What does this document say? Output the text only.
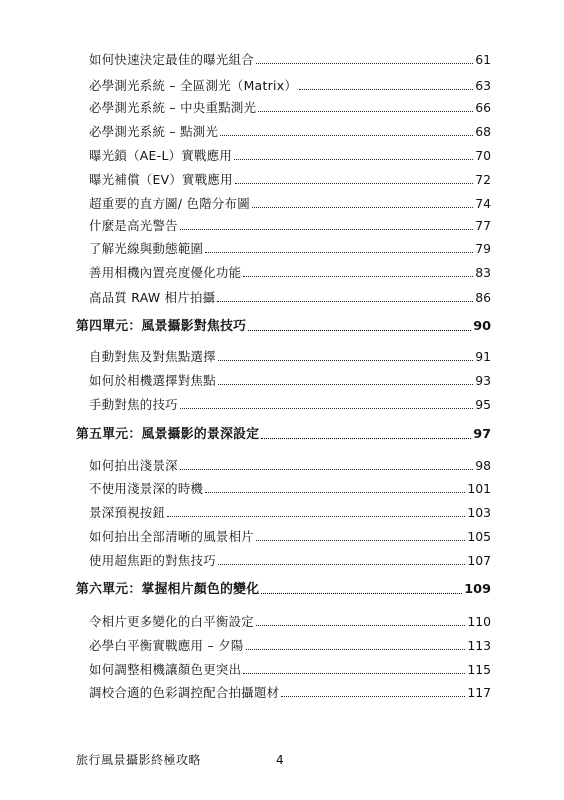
如何快速決定最佳的曝光組合	61
必學測光系統 – 全區測光（Matrix）	63
必學測光系統 – 中央重點測光	66
必學測光系統 – 點測光	68
曝光鎖（AE-L）實戰應用	70
曝光補償（EV）實戰應用	72
超重要的直方圖/ 色階分布圖	74
什麼是高光警告	77
了解光線與動態範圍	79
善用相機內置亮度優化功能	83
高品質 RAW 相片拍攝	86
第四單元：風景攝影對焦技巧	90
自動對焦及對焦點選擇	91
如何於相機選擇對焦點	93
手動對焦的技巧	95
第五單元：風景攝影的景深設定	97
如何拍出淺景深	98
不使用淺景深的時機	101
景深預視按鈕	103
如何拍出全部清晰的風景相片	105
使用超焦距的對焦技巧	107
第六單元：掌握相片顏色的變化	109
令相片更多變化的白平衡設定	110
必學白平衡實戰應用 – 夕陽	113
如何調整相機讓顏色更突出	115
調校合適的色彩調控配合拍攝題材	117
旅行風景攝影終極攻略	4
